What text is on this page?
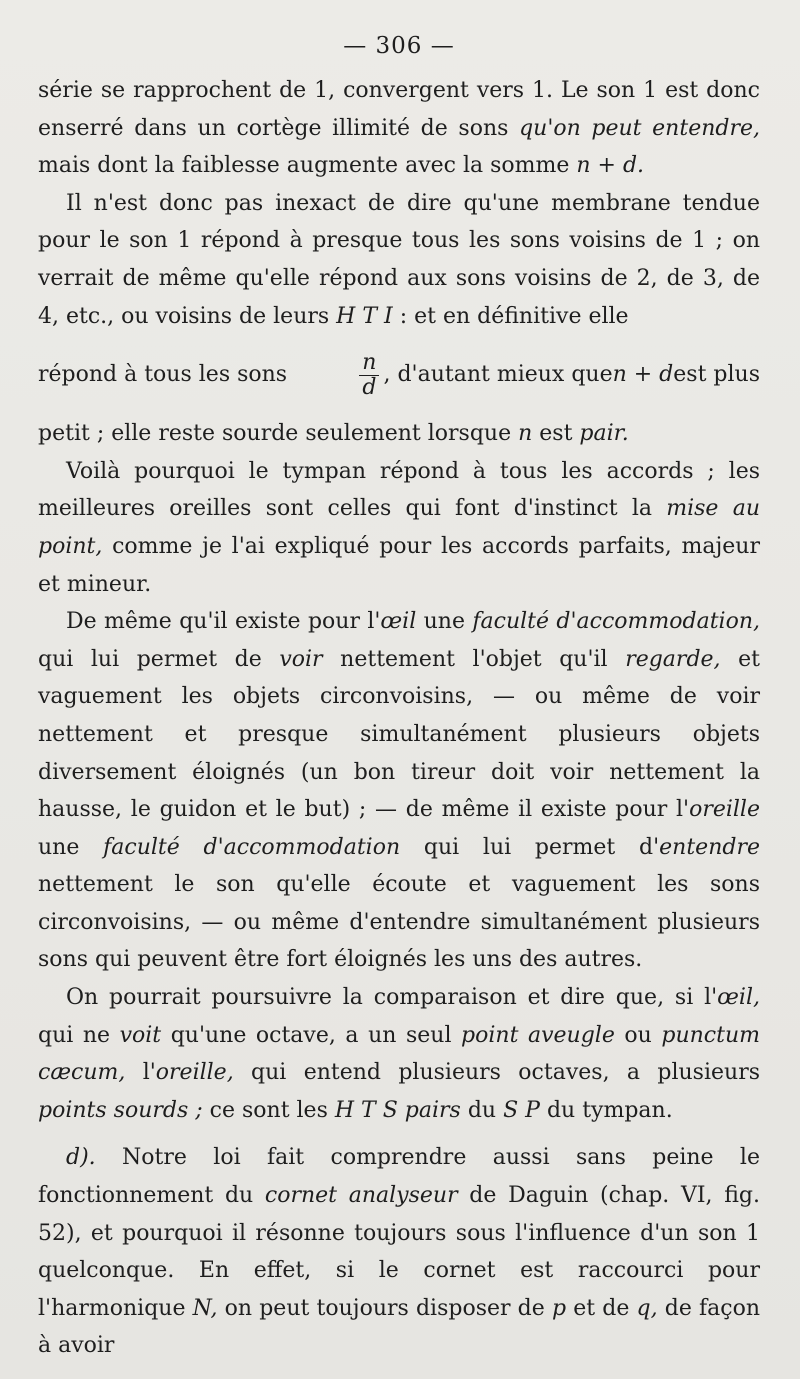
— 306 —

série se rapprochent de 1, convergent vers 1. Le son 1 est donc enserré dans un cortège illimité de sons qu'on peut entendre, mais dont la faiblesse augmente avec la somme n + d.

Il n'est donc pas inexact de dire qu'une membrane tendue pour le son 1 répond à presque tous les sons voisins de 1 ; on verrait de même qu'elle répond aux sons voisins de 2, de 3, de 4, etc., ou voisins de leurs H T I : et en définitive elle

répond à tous les sons	$\frac{n}{d}$ , d'autant mieux que n + d est plus

petit ; elle reste sourde seulement lorsque n est pair.

Voilà pourquoi le tympan répond à tous les accords ; les meilleures oreilles sont celles qui font d'instinct la mise au point, comme je l'ai expliqué pour les accords parfaits, majeur et mineur.

De même qu'il existe pour l'œil une faculté d'accommodation, qui lui permet de voir nettement l'objet qu'il regarde, et vaguement les objets circonvoisins, — ou même de voir nettement et presque simultanément plusieurs objets diversement éloignés (un bon tireur doit voir nettement la hausse, le guidon et le but) ; — de même il existe pour l'oreille une faculté d'accommodation qui lui permet d'entendre nettement le son qu'elle écoute et vaguement les sons circonvoisins, — ou même d'entendre simultanément plusieurs sons qui peuvent être fort éloignés les uns des autres.

On pourrait poursuivre la comparaison et dire que, si l'œil, qui ne voit qu'une octave, a un seul point aveugle ou punctum cæcum, l'oreille, qui entend plusieurs octaves, a plusieurs points sourds ; ce sont les H T S pairs du S P du tympan.

d). Notre loi fait comprendre aussi sans peine le fonctionnement du cornet analyseur de Daguin (chap. VI, fig. 52), et pourquoi il résonne toujours sous l'influence d'un son 1 quelconque. En effet, si le cornet est raccourci pour l'harmonique N, on peut toujours disposer de p et de q, de façon à avoir
